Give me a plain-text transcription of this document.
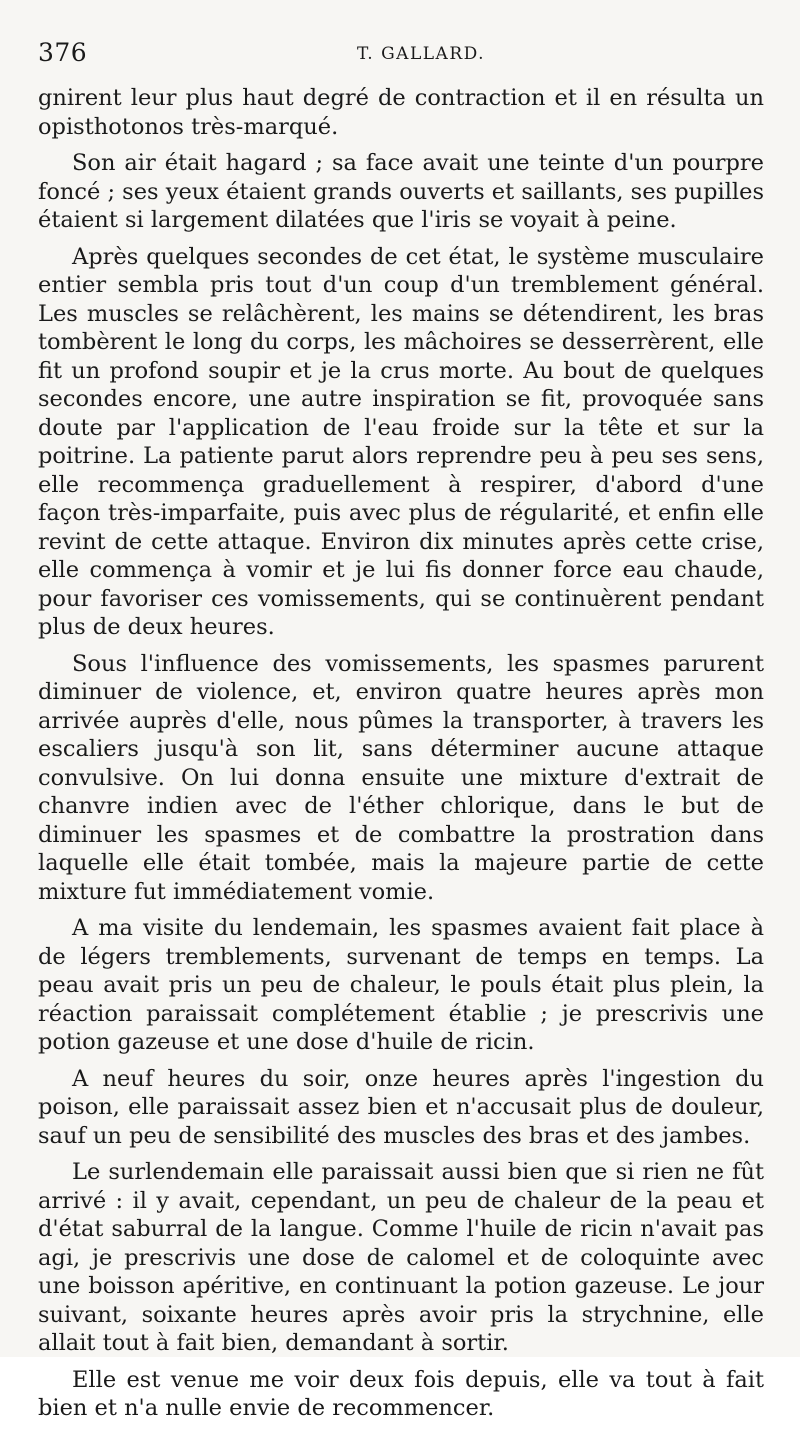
376	T. GALLARD.

gnirent leur plus haut degré de contraction et il en résulta un opisthotonos très-marqué.

Son air était hagard ; sa face avait une teinte d'un pourpre foncé ; ses yeux étaient grands ouverts et saillants, ses pupilles étaient si largement dilatées que l'iris se voyait à peine.

Après quelques secondes de cet état, le système musculaire entier sembla pris tout d'un coup d'un tremblement général. Les muscles se relâchèrent, les mains se détendirent, les bras tombèrent le long du corps, les mâchoires se desserrèrent, elle fit un profond soupir et je la crus morte. Au bout de quelques secondes encore, une autre inspiration se fit, provoquée sans doute par l'application de l'eau froide sur la tête et sur la poitrine. La patiente parut alors reprendre peu à peu ses sens, elle recommença graduellement à respirer, d'abord d'une façon très-imparfaite, puis avec plus de régularité, et enfin elle revint de cette attaque. Environ dix minutes après cette crise, elle commença à vomir et je lui fis donner force eau chaude, pour favoriser ces vomissements, qui se continuèrent pendant plus de deux heures.

Sous l'influence des vomissements, les spasmes parurent diminuer de violence, et, environ quatre heures après mon arrivée auprès d'elle, nous pûmes la transporter, à travers les escaliers jusqu'à son lit, sans déterminer aucune attaque convulsive. On lui donna ensuite une mixture d'extrait de chanvre indien avec de l'éther chlorique, dans le but de diminuer les spasmes et de combattre la prostration dans laquelle elle était tombée, mais la majeure partie de cette mixture fut immédiatement vomie.

A ma visite du lendemain, les spasmes avaient fait place à de légers tremblements, survenant de temps en temps. La peau avait pris un peu de chaleur, le pouls était plus plein, la réaction paraissait complétement établie ; je prescrivis une potion gazeuse et une dose d'huile de ricin.

A neuf heures du soir, onze heures après l'ingestion du poison, elle paraissait assez bien et n'accusait plus de douleur, sauf un peu de sensibilité des muscles des bras et des jambes.

Le surlendemain elle paraissait aussi bien que si rien ne fût arrivé : il y avait, cependant, un peu de chaleur de la peau et d'état saburral de la langue. Comme l'huile de ricin n'avait pas agi, je prescrivis une dose de calomel et de coloquinte avec une boisson apéritive, en continuant la potion gazeuse. Le jour suivant, soixante heures après avoir pris la strychnine, elle allait tout à fait bien, demandant à sortir.

Elle est venue me voir deux fois depuis, elle va tout à fait bien et n'a nulle envie de recommencer.
